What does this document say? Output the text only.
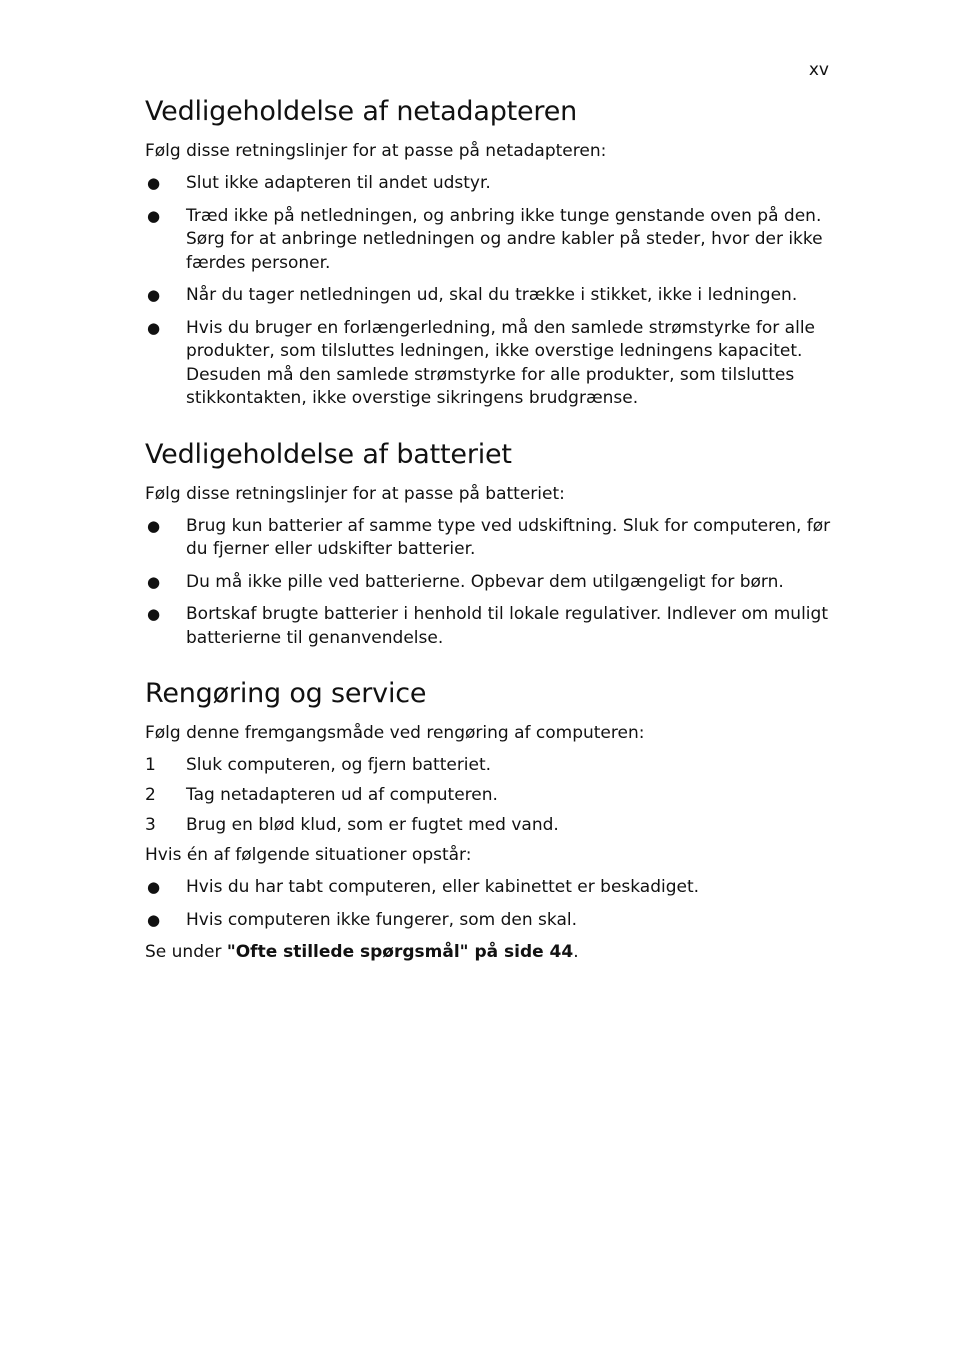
xv
Vedligeholdelse af netadapteren

Følg disse retningslinjer for at passe på netadapteren:

● Slut ikke adapteren til andet udstyr.
● Træd ikke på netledningen, og anbring ikke tunge genstande oven på den. Sørg for at anbringe netledningen og andre kabler på steder, hvor der ikke færdes personer.
● Når du tager netledningen ud, skal du trække i stikket, ikke i ledningen.
● Hvis du bruger en forlængerledning, må den samlede strømstyrke for alle produkter, som tilsluttes ledningen, ikke overstige ledningens kapacitet. Desuden må den samlede strømstyrke for alle produkter, som tilsluttes stikkontakten, ikke overstige sikringens brudgrænse.
Vedligeholdelse af batteriet

Følg disse retningslinjer for at passe på batteriet:

● Brug kun batterier af samme type ved udskiftning. Sluk for computeren, før du fjerner eller udskifter batterier.
● Du må ikke pille ved batterierne. Opbevar dem utilgængeligt for børn.
● Bortskaf brugte batterier i henhold til lokale regulativer. Indlever om muligt batterierne til genanvendelse.
Rengøring og service

Følg denne fremgangsmåde ved rengøring af computeren:

1 Sluk computeren, og fjern batteriet.
2 Tag netadapteren ud af computeren.
3 Brug en blød klud, som er fugtet med vand.

Hvis én af følgende situationer opstår:

● Hvis du har tabt computeren, eller kabinettet er beskadiget.
● Hvis computeren ikke fungerer, som den skal.

Se under "Ofte stillede spørgsmål" på side 44.
